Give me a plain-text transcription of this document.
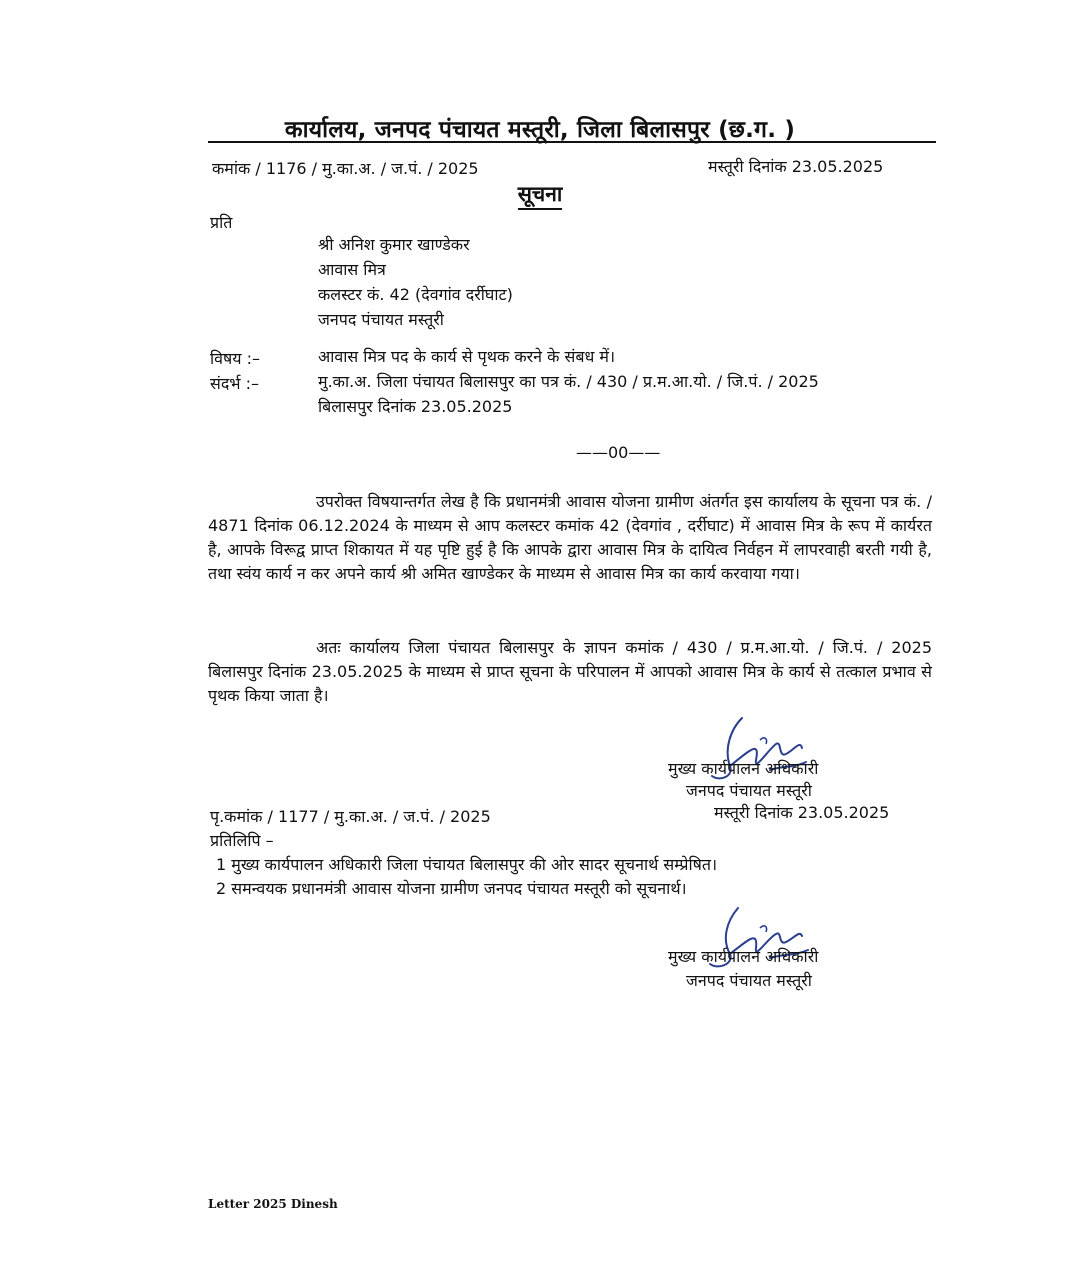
कार्यालय, जनपद पंचायत मस्तूरी, जिला बिलासपुर (छ.ग. )
कमांक / 1176 / मु.का.अ. / ज.पं. / 2025	मस्तूरी दिनांक 23.05.2025
सूचना
प्रति
श्री अनिश कुमार खाण्डेकर
आवास मित्र
कलस्टर कं. 42 (देवगांव दर्रीघाट)
जनपद पंचायत मस्तूरी
विषय :–	आवास मित्र पद के कार्य से पृथक करने के संबध में।
संदर्भ :–	मु.का.अ. जिला पंचायत बिलासपुर का पत्र कं. / 430 / प्र.म.आ.यो. / जि.पं. / 2025
बिलासपुर दिनांक 23.05.2025
——00——
उपरोक्त विषयान्तर्गत लेख है कि प्रधानमंत्री आवास योजना ग्रामीण अंतर्गत इस कार्यालय के सूचना पत्र कं. / 4871 दिनांक 06.12.2024 के माध्यम से आप कलस्टर कमांक 42 (देवगांव , दर्रीघाट) में आवास मित्र के रूप में कार्यरत है, आपके विरूद्व प्राप्त शिकायत में यह पृष्टि हुई है कि आपके द्वारा आवास मित्र के दायित्व निर्वहन में लापरवाही बरती गयी है, तथा स्वंय कार्य न कर अपने कार्य श्री अमित खाण्डेकर के माध्यम से आवास मित्र का कार्य करवाया गया।
अतः कार्यालय जिला पंचायत बिलासपुर के ज्ञापन कमांक / 430 / प्र.म.आ.यो. / जि.पं. / 2025 बिलासपुर दिनांक 23.05.2025 के माध्यम से प्राप्त सूचना के परिपालन में आपको आवास मित्र के कार्य से तत्काल प्रभाव से पृथक किया जाता है।
मुख्य कार्यपालन अधिकारी
जनपद पंचायत मस्तूरी
पृ.कमांक / 1177 / मु.का.अ. / ज.पं. / 2025	मस्तूरी दिनांक 23.05.2025
प्रतिलिपि –
1 मुख्य कार्यपालन अधिकारी जिला पंचायत बिलासपुर की ओर सादर सूचनार्थ सम्प्रेषित।
2 समन्वयक प्रधानमंत्री आवास योजना ग्रामीण जनपद पंचायत मस्तूरी को सूचनार्थ।
मुख्य कार्यपालन अधिकारी
जनपद पंचायत मस्तूरी
Letter 2025 Dinesh
